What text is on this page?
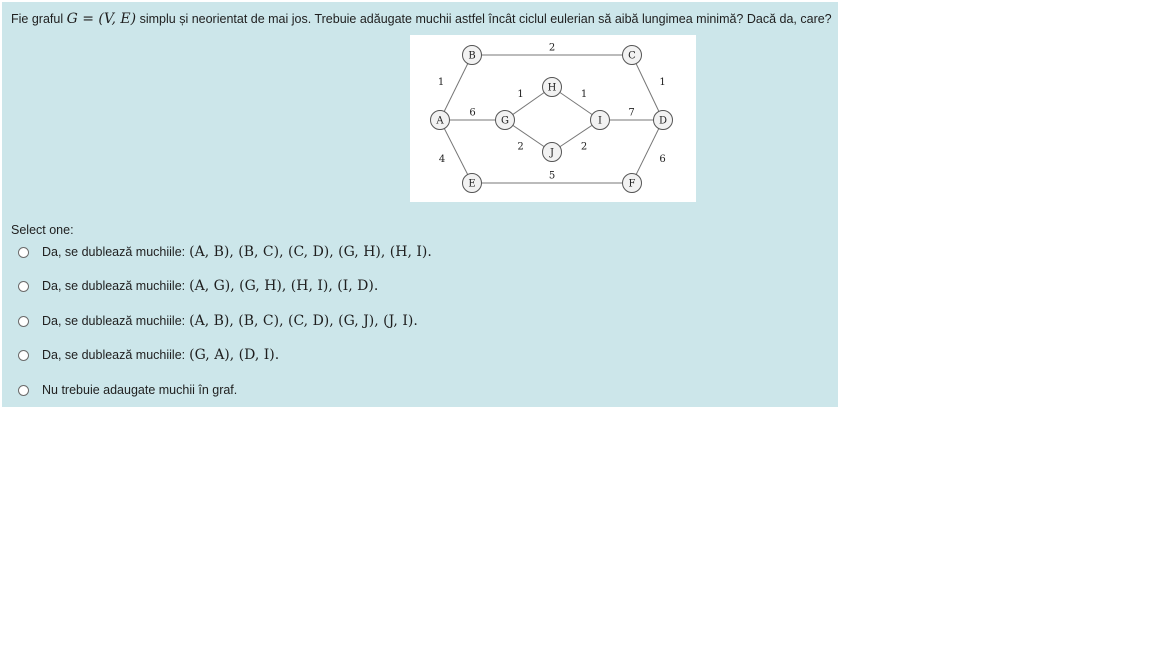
Fie graful G = (V, E) simplu și neorientat de mai jos. Trebuie adăugate muchii astfel încât ciclul eulerian să aibă lungimea minimă? Dacă da, care?
2
1	1
6
1	1
7
2	2
4	6
5
A
B	C
D
E	F
G
H
I
J
Select one:
Da, se dublează muchiile: (A, B), (B, C), (C, D), (G, H), (H, I).
Da, se dublează muchiile: (A, G), (G, H), (H, I), (I, D).
Da, se dublează muchiile: (A, B), (B, C), (C, D), (G, J), (J, I).
Da, se dublează muchiile: (G, A), (D, I).
Nu trebuie adaugate muchii în graf.
